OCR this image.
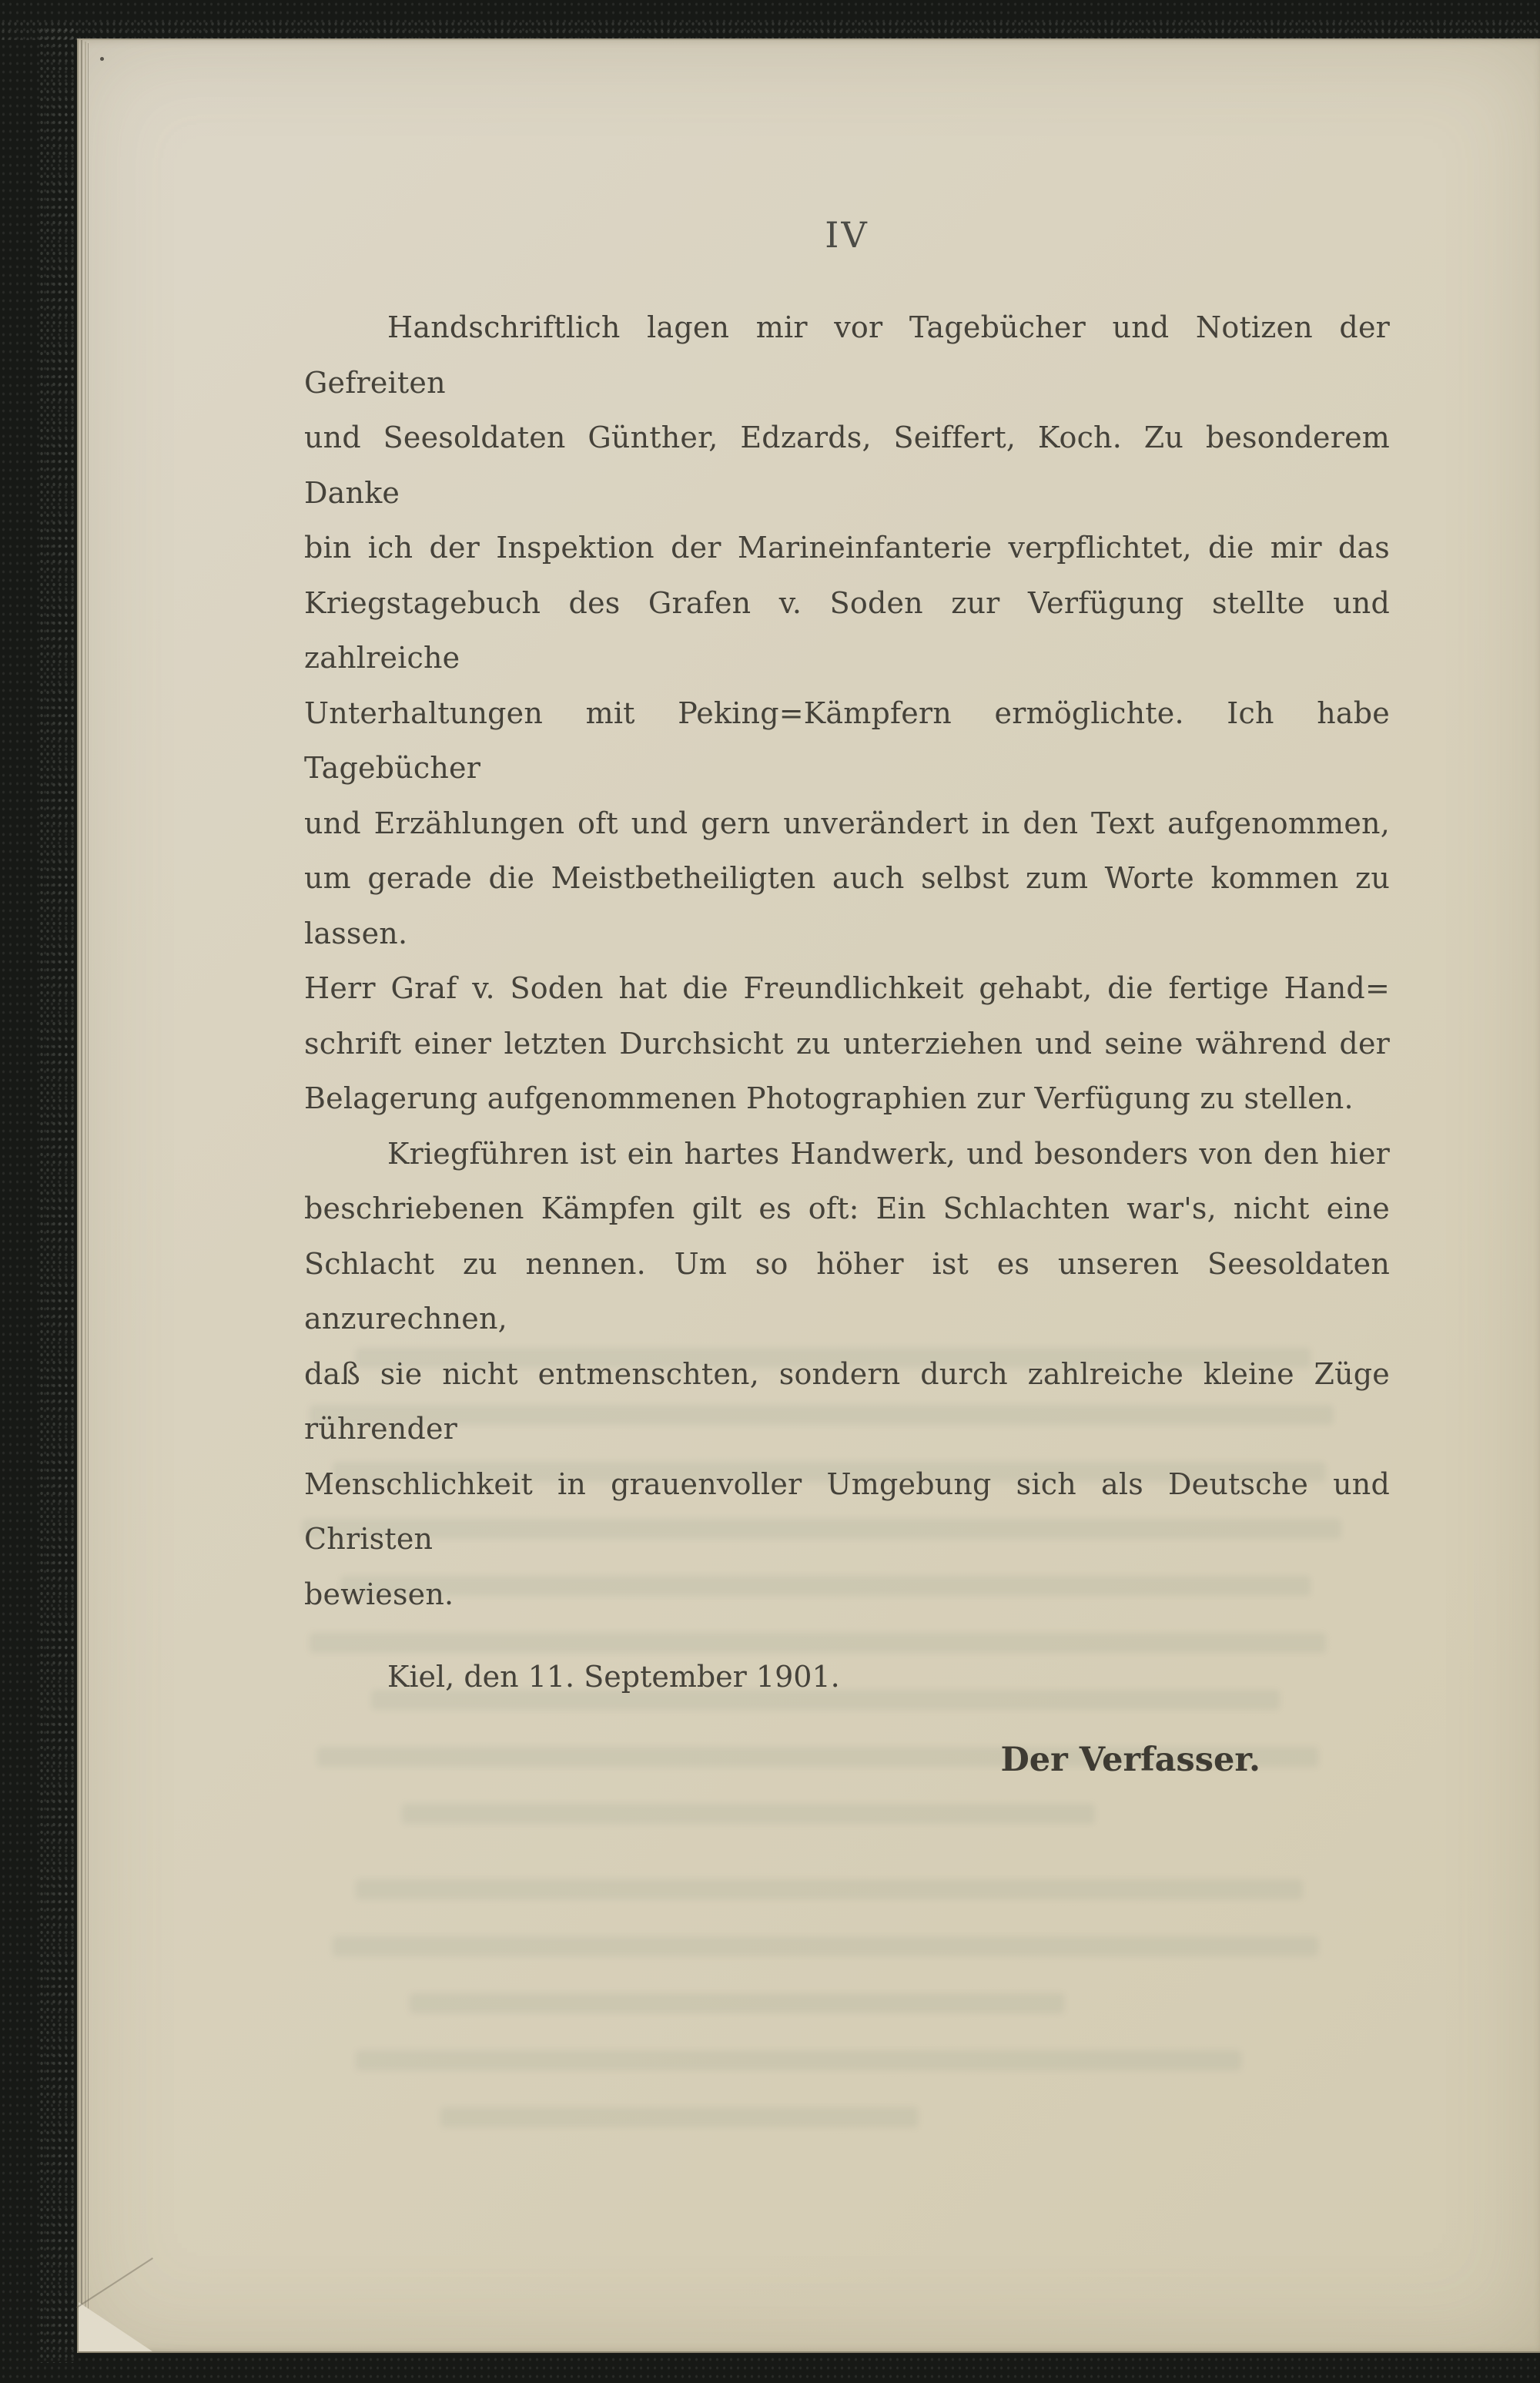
IV
Handschriftlich lagen mir vor Tagebücher und Notizen der Gefreiten
und Seesoldaten Günther, Edzards, Seiffert, Koch. Zu besonderem Danke
bin ich der Inspektion der Marineinfanterie verpflichtet, die mir das
Kriegstagebuch des Grafen v. Soden zur Verfügung stellte und zahlreiche
Unterhaltungen mit Peking=Kämpfern ermöglichte. Ich habe Tagebücher
und Erzählungen oft und gern unverändert in den Text aufgenommen,
um gerade die Meistbetheiligten auch selbst zum Worte kommen zu lassen.
Herr Graf v. Soden hat die Freundlichkeit gehabt, die fertige Hand=
schrift einer letzten Durchsicht zu unterziehen und seine während der
Belagerung aufgenommenen Photographien zur Verfügung zu stellen.
Kriegführen ist ein hartes Handwerk, und besonders von den hier
beschriebenen Kämpfen gilt es oft: Ein Schlachten war's, nicht eine
Schlacht zu nennen. Um so höher ist es unseren Seesoldaten anzurechnen,
daß sie nicht entmenschten, sondern durch zahlreiche kleine Züge rührender
Menschlichkeit in grauenvoller Umgebung sich als Deutsche und Christen
bewiesen.
Kiel, den 11. September 1901.
Der Verfasser.
